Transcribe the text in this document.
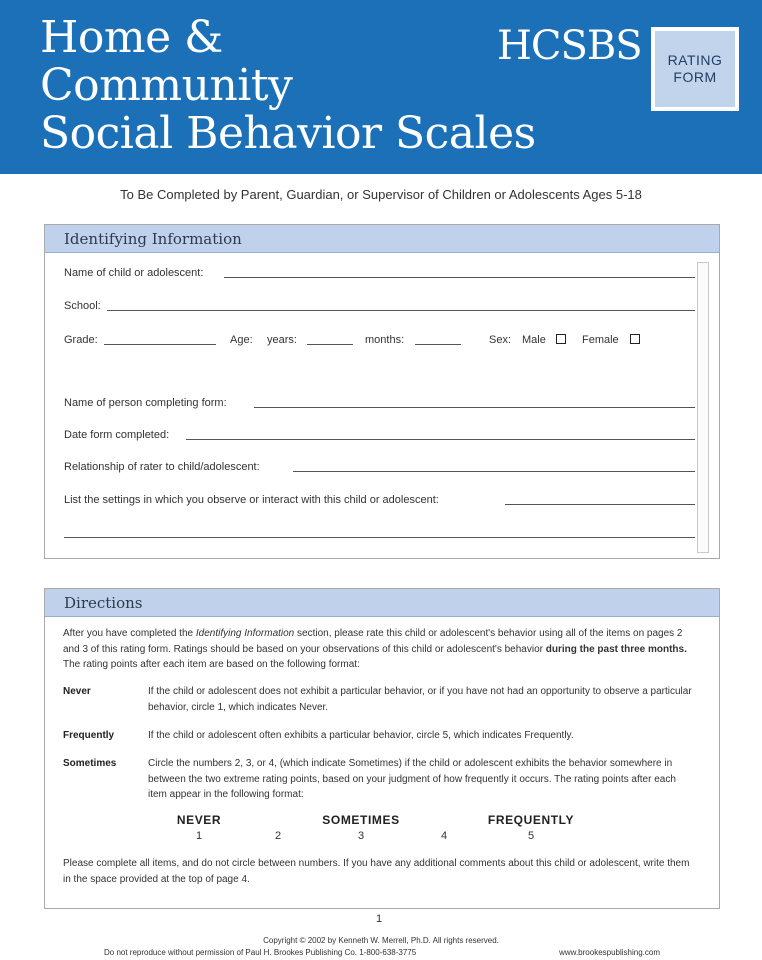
Home &
Community
Social Behavior Scales
HCSBS RATING
FORM
To Be Completed by Parent, Guardian, or Supervisor of Children or Adolescents Ages 5-18
Identifying Information
Name of child or adolescent:
School:
Grade:	Age: years:	months:	Sex: Male	Female
Name of person completing form:
Date form completed:
Relationship of rater to child/adolescent:
List the settings in which you observe or interact with this child or adolescent:
Directions

After you have completed the Identifying Information section, please rate this child or adolescent's behavior using all of the items on pages 2 and 3 of this rating form. Ratings should be based on your observations of this child or adolescent's behavior during the past three months. The rating points after each item are based on the following format:

Never	If the child or adolescent does not exhibit a particular behavior, or if you have not had an opportunity to observe a particular behavior, circle 1, which indicates Never.

Frequently	If the child or adolescent often exhibits a particular behavior, circle 5, which indicates Frequently.

Sometimes	Circle the numbers 2, 3, or 4, (which indicate Sometimes) if the child or adolescent exhibits the behavior somewhere in between the two extreme rating points, based on your judgment of how frequently it occurs. The rating points after each item appear in the following format:

NEVER	SOMETIMES	FREQUENTLY
1	2	3	4	5

Please complete all items, and do not circle between numbers. If you have any additional comments about this child or adolescent, write them in the space provided at the top of page 4.

1
Copyright © 2002 by Kenneth W. Merrell, Ph.D. All rights reserved.
Do not reproduce without permission of Paul H. Brookes Publishing Co. 1-800-638-3775	www.brookespublishing.com
